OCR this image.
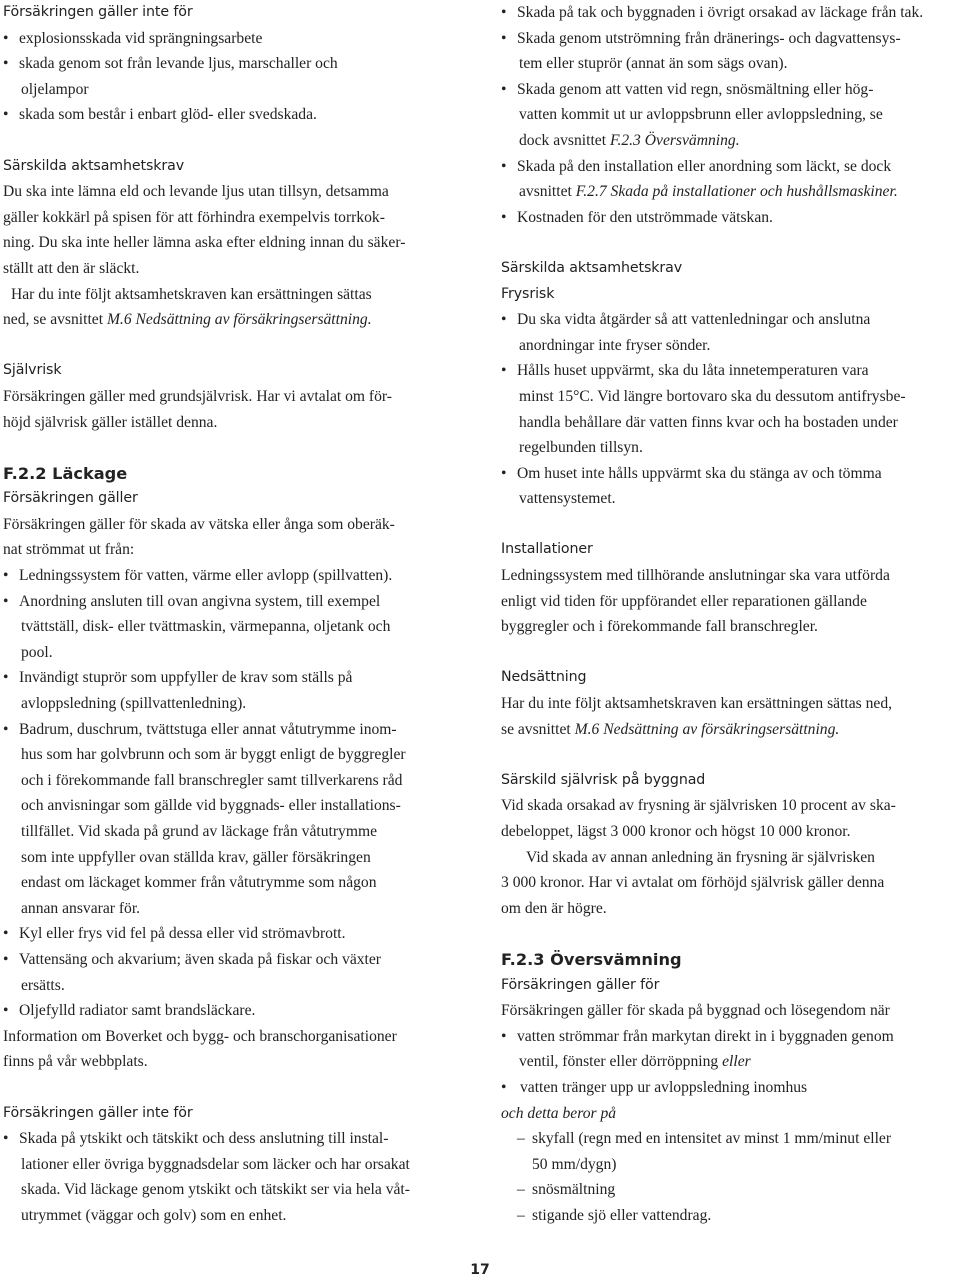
Försäkringen gäller inte för
• explosionsskada vid sprängningsarbete
• skada genom sot från levande ljus, marschaller och
oljelampor
• skada som består i enbart glöd- eller svedskada.
Särskilda aktsamhetskrav
Du ska inte lämna eld och levande ljus utan tillsyn, detsamma
gäller kokkärl på spisen för att förhindra exempelvis torrkok-
ning. Du ska inte heller lämna aska efter eldning innan du säker-
ställt att den är släckt.
Har du inte följt aktsamhetskraven kan ersättningen sättas
ned, se avsnittet M.6 Nedsättning av försäkringsersättning.
Självrisk
Försäkringen gäller med grundsjälvrisk. Har vi avtalat om för-
höjd självrisk gäller istället denna.
F.2.2 Läckage
Försäkringen gäller
Försäkringen gäller för skada av vätska eller ånga som oberäk-
nat strömmat ut från:
• Ledningssystem för vatten, värme eller avlopp (spillvatten).
• Anordning ansluten till ovan angivna system, till exempel
tvättställ, disk- eller tvättmaskin, värmepanna, oljetank och
pool.
• Invändigt stuprör som uppfyller de krav som ställs på
avloppsledning (spillvattenledning).
• Badrum, duschrum, tvättstuga eller annat våtutrymme inom-
hus som har golvbrunn och som är byggt enligt de byggregler
och i förekommande fall branschregler samt tillverkarens råd
och anvisningar som gällde vid byggnads- eller installations-
tillfället. Vid skada på grund av läckage från våtutrymme
som inte uppfyller ovan ställda krav, gäller försäkringen
endast om läckaget kommer från våtutrymme som någon
annan ansvarar för.
• Kyl eller frys vid fel på dessa eller vid strömavbrott.
• Vattensäng och akvarium; även skada på fiskar och växter
ersätts.
• Oljefylld radiator samt brandsläckare.
Information om Boverket och bygg- och branschorganisationer
finns på vår webbplats.
Försäkringen gäller inte för
• Skada på ytskikt och tätskikt och dess anslutning till instal-
lationer eller övriga byggnadsdelar som läcker och har orsakat
skada. Vid läckage genom ytskikt och tätskikt ser via hela våt-
utrymmet (väggar och golv) som en enhet.
• Skada på tak och byggnaden i övrigt orsakad av läckage från tak.
• Skada genom utströmning från dränerings- och dagvattensys-
tem eller stuprör (annat än som sägs ovan).
• Skada genom att vatten vid regn, snösmältning eller hög-
vatten kommit ut ur avloppsbrunn eller avloppsledning, se
dock avsnittet F.2.3 Översvämning.
• Skada på den installation eller anordning som läckt, se dock
avsnittet F.2.7 Skada på installationer och hushållsmaskiner.
• Kostnaden för den utströmmade vätskan.
Särskilda aktsamhetskrav
Frysrisk
• Du ska vidta åtgärder så att vattenledningar och anslutna
anordningar inte fryser sönder.
• Hålls huset uppvärmt, ska du låta innetemperaturen vara
minst 15°C. Vid längre bortovaro ska du dessutom antifrysbe-
handla behållare där vatten finns kvar och ha bostaden under
regelbunden tillsyn.
• Om huset inte hålls uppvärmt ska du stänga av och tömma
vattensystemet.
Installationer
Ledningssystem med tillhörande anslutningar ska vara utförda
enligt vid tiden för uppförandet eller reparationen gällande
byggregler och i förekommande fall branschregler.
Nedsättning
Har du inte följt aktsamhetskraven kan ersättningen sättas ned,
se avsnittet M.6 Nedsättning av försäkringsersättning.
Särskild självrisk på byggnad
Vid skada orsakad av frysning är självrisken 10 procent av ska-
debeloppet, lägst 3 000 kronor och högst 10 000 kronor.
Vid skada av annan anledning än frysning är självrisken
3 000 kronor. Har vi avtalat om förhöjd självrisk gäller denna
om den är högre.
F.2.3 Översvämning
Försäkringen gäller för
Försäkringen gäller för skada på byggnad och lösegendom när
• vatten strömmar från markytan direkt in i byggnaden genom
ventil, fönster eller dörröppning eller
• vatten tränger upp ur avloppsledning inomhus
och detta beror på
– skyfall (regn med en intensitet av minst 1 mm/minut eller
50 mm/dygn)
– snösmältning
– stigande sjö eller vattendrag.
17
